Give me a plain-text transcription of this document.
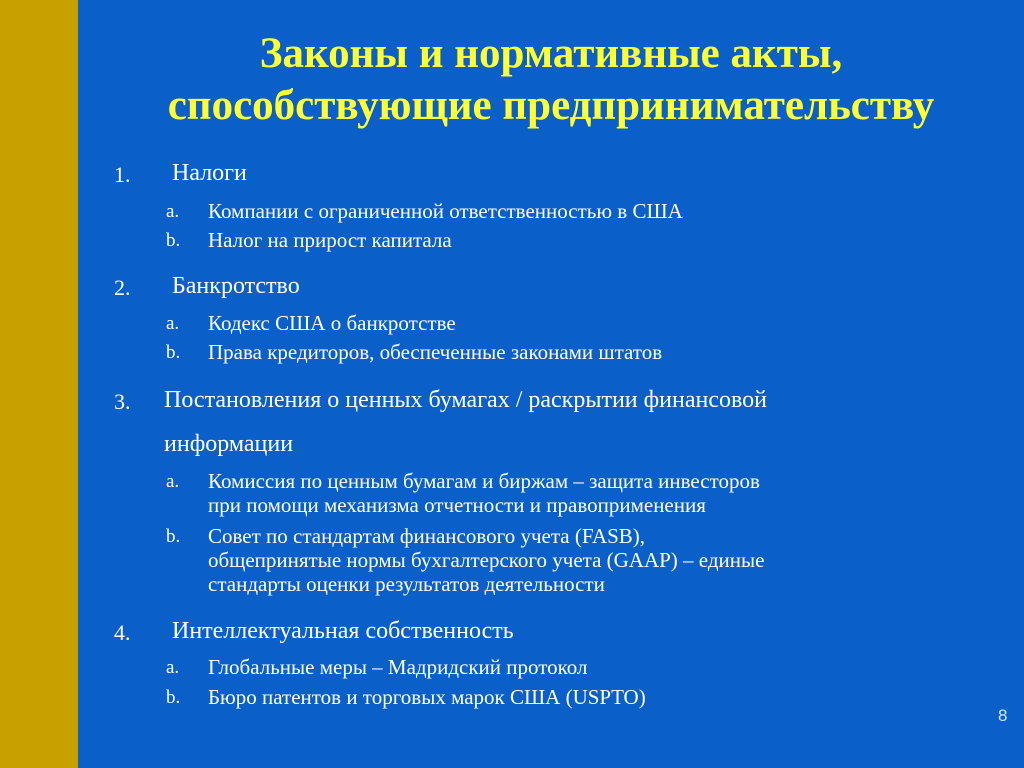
Законы и нормативные акты,
способствующие предпринимательству
1. Налоги
a. Компании с ограниченной ответственностью в США
b. Налог на прирост капитала
2. Банкротство
a. Кодекс США о банкротстве
b. Права кредиторов, обеспеченные законами штатов
3. Постановления о ценных бумагах / раскрытии финансовой
информации
a. Комиссия по ценным бумагам и биржам – защита инвесторов
при помощи механизма отчетности и правоприменения
b. Совет по стандартам финансового учета (FASB),
общепринятые нормы бухгалтерского учета (GAAP) – единые
стандарты оценки результатов деятельности
4. Интеллектуальная собственность
a. Глобальные меры – Мадридский протокол
b. Бюро патентов и торговых марок США (USPTO)
8
